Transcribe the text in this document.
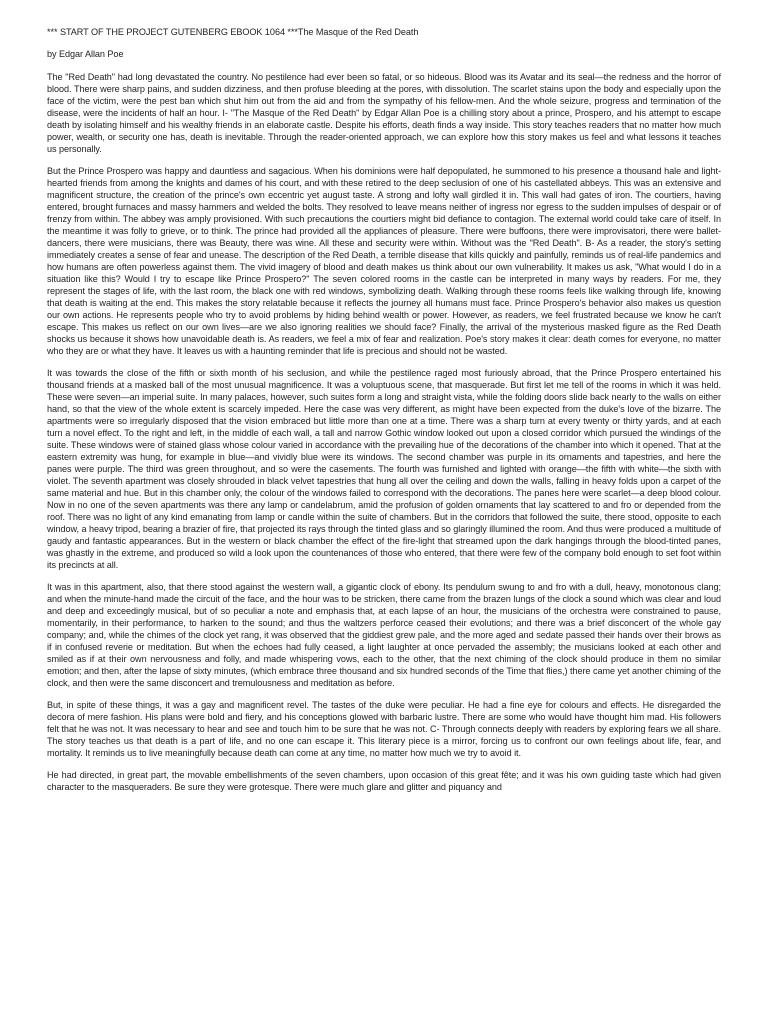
*** START OF THE PROJECT GUTENBERG EBOOK 1064 ***The Masque of the Red Death
by Edgar Allan Poe

The "Red Death" had long devastated the country. No pestilence had ever been so fatal, or so hideous. Blood was its Avatar and its seal—the redness and the horror of blood. There were sharp pains, and sudden dizziness, and then profuse bleeding at the pores, with dissolution. The scarlet stains upon the body and especially upon the face of the victim, were the pest ban which shut him out from the aid and from the sympathy of his fellow-men. And the whole seizure, progress and termination of the disease, were the incidents of half an hour. I- "The Masque of the Red Death" by Edgar Allan Poe is a chilling story about a prince, Prospero, and his attempt to escape death by isolating himself and his wealthy friends in an elaborate castle. Despite his efforts, death finds a way inside. This story teaches readers that no matter how much power, wealth, or security one has, death is inevitable. Through the reader-oriented approach, we can explore how this story makes us feel and what lessons it teaches us personally.

But the Prince Prospero was happy and dauntless and sagacious. When his dominions were half depopulated, he summoned to his presence a thousand hale and light-hearted friends from among the knights and dames of his court, and with these retired to the deep seclusion of one of his castellated abbeys. This was an extensive and magnificent structure, the creation of the prince's own eccentric yet august taste. A strong and lofty wall girdled it in. This wall had gates of iron. The courtiers, having entered, brought furnaces and massy hammers and welded the bolts. They resolved to leave means neither of ingress nor egress to the sudden impulses of despair or of frenzy from within. The abbey was amply provisioned. With such precautions the courtiers might bid defiance to contagion. The external world could take care of itself. In the meantime it was folly to grieve, or to think. The prince had provided all the appliances of pleasure. There were buffoons, there were improvisatori, there were ballet-dancers, there were musicians, there was Beauty, there was wine. All these and security were within. Without was the "Red Death". B- As a reader, the story's setting immediately creates a sense of fear and unease. The description of the Red Death, a terrible disease that kills quickly and painfully, reminds us of real-life pandemics and how humans are often powerless against them. The vivid imagery of blood and death makes us think about our own vulnerability. It makes us ask, "What would I do in a situation like this? Would I try to escape like Prince Prospero?" The seven colored rooms in the castle can be interpreted in many ways by readers. For me, they represent the stages of life, with the last room, the black one with red windows, symbolizing death. Walking through these rooms feels like walking through life, knowing that death is waiting at the end. This makes the story relatable because it reflects the journey all humans must face. Prince Prospero's behavior also makes us question our own actions. He represents people who try to avoid problems by hiding behind wealth or power. However, as readers, we feel frustrated because we know he can't escape. This makes us reflect on our own lives—are we also ignoring realities we should face? Finally, the arrival of the mysterious masked figure as the Red Death shocks us because it shows how unavoidable death is. As readers, we feel a mix of fear and realization. Poe's story makes it clear: death comes for everyone, no matter who they are or what they have. It leaves us with a haunting reminder that life is precious and should not be wasted.

It was towards the close of the fifth or sixth month of his seclusion, and while the pestilence raged most furiously abroad, that the Prince Prospero entertained his thousand friends at a masked ball of the most unusual magnificence. It was a voluptuous scene, that masquerade. But first let me tell of the rooms in which it was held. These were seven—an imperial suite. In many palaces, however, such suites form a long and straight vista, while the folding doors slide back nearly to the walls on either hand, so that the view of the whole extent is scarcely impeded. Here the case was very different, as might have been expected from the duke's love of the bizarre. The apartments were so irregularly disposed that the vision embraced but little more than one at a time. There was a sharp turn at every twenty or thirty yards, and at each turn a novel effect. To the right and left, in the middle of each wall, a tall and narrow Gothic window looked out upon a closed corridor which pursued the windings of the suite. These windows were of stained glass whose colour varied in accordance with the prevailing hue of the decorations of the chamber into which it opened. That at the eastern extremity was hung, for example in blue—and vividly blue were its windows. The second chamber was purple in its ornaments and tapestries, and here the panes were purple. The third was green throughout, and so were the casements. The fourth was furnished and lighted with orange—the fifth with white—the sixth with violet. The seventh apartment was closely shrouded in black velvet tapestries that hung all over the ceiling and down the walls, falling in heavy folds upon a carpet of the same material and hue. But in this chamber only, the colour of the windows failed to correspond with the decorations. The panes here were scarlet—a deep blood colour. Now in no one of the seven apartments was there any lamp or candelabrum, amid the profusion of golden ornaments that lay scattered to and fro or depended from the roof. There was no light of any kind emanating from lamp or candle within the suite of chambers. But in the corridors that followed the suite, there stood, opposite to each window, a heavy tripod, bearing a brazier of fire, that projected its rays through the tinted glass and so glaringly illumined the room. And thus were produced a multitude of gaudy and fantastic appearances. But in the western or black chamber the effect of the fire-light that streamed upon the dark hangings through the blood-tinted panes, was ghastly in the extreme, and produced so wild a look upon the countenances of those who entered, that there were few of the company bold enough to set foot within its precincts at all.

It was in this apartment, also, that there stood against the western wall, a gigantic clock of ebony. Its pendulum swung to and fro with a dull, heavy, monotonous clang; and when the minute-hand made the circuit of the face, and the hour was to be stricken, there came from the brazen lungs of the clock a sound which was clear and loud and deep and exceedingly musical, but of so peculiar a note and emphasis that, at each lapse of an hour, the musicians of the orchestra were constrained to pause, momentarily, in their performance, to harken to the sound; and thus the waltzers perforce ceased their evolutions; and there was a brief disconcert of the whole gay company; and, while the chimes of the clock yet rang, it was observed that the giddiest grew pale, and the more aged and sedate passed their hands over their brows as if in confused reverie or meditation. But when the echoes had fully ceased, a light laughter at once pervaded the assembly; the musicians looked at each other and smiled as if at their own nervousness and folly, and made whispering vows, each to the other, that the next chiming of the clock should produce in them no similar emotion; and then, after the lapse of sixty minutes, (which embrace three thousand and six hundred seconds of the Time that flies,) there came yet another chiming of the clock, and then were the same disconcert and tremulousness and meditation as before.

But, in spite of these things, it was a gay and magnificent revel. The tastes of the duke were peculiar. He had a fine eye for colours and effects. He disregarded the decora of mere fashion. His plans were bold and fiery, and his conceptions glowed with barbaric lustre. There are some who would have thought him mad. His followers felt that he was not. It was necessary to hear and see and touch him to be sure that he was not. C- Through connects deeply with readers by exploring fears we all share. The story teaches us that death is a part of life, and no one can escape it. This literary piece is a mirror, forcing us to confront our own feelings about life, fear, and mortality. It reminds us to live meaningfully because death can come at any time, no matter how much we try to avoid it.

He had directed, in great part, the movable embellishments of the seven chambers, upon occasion of this great fête; and it was his own guiding taste which had given character to the masqueraders. Be sure they were grotesque. There were much glare and glitter and piquancy and
